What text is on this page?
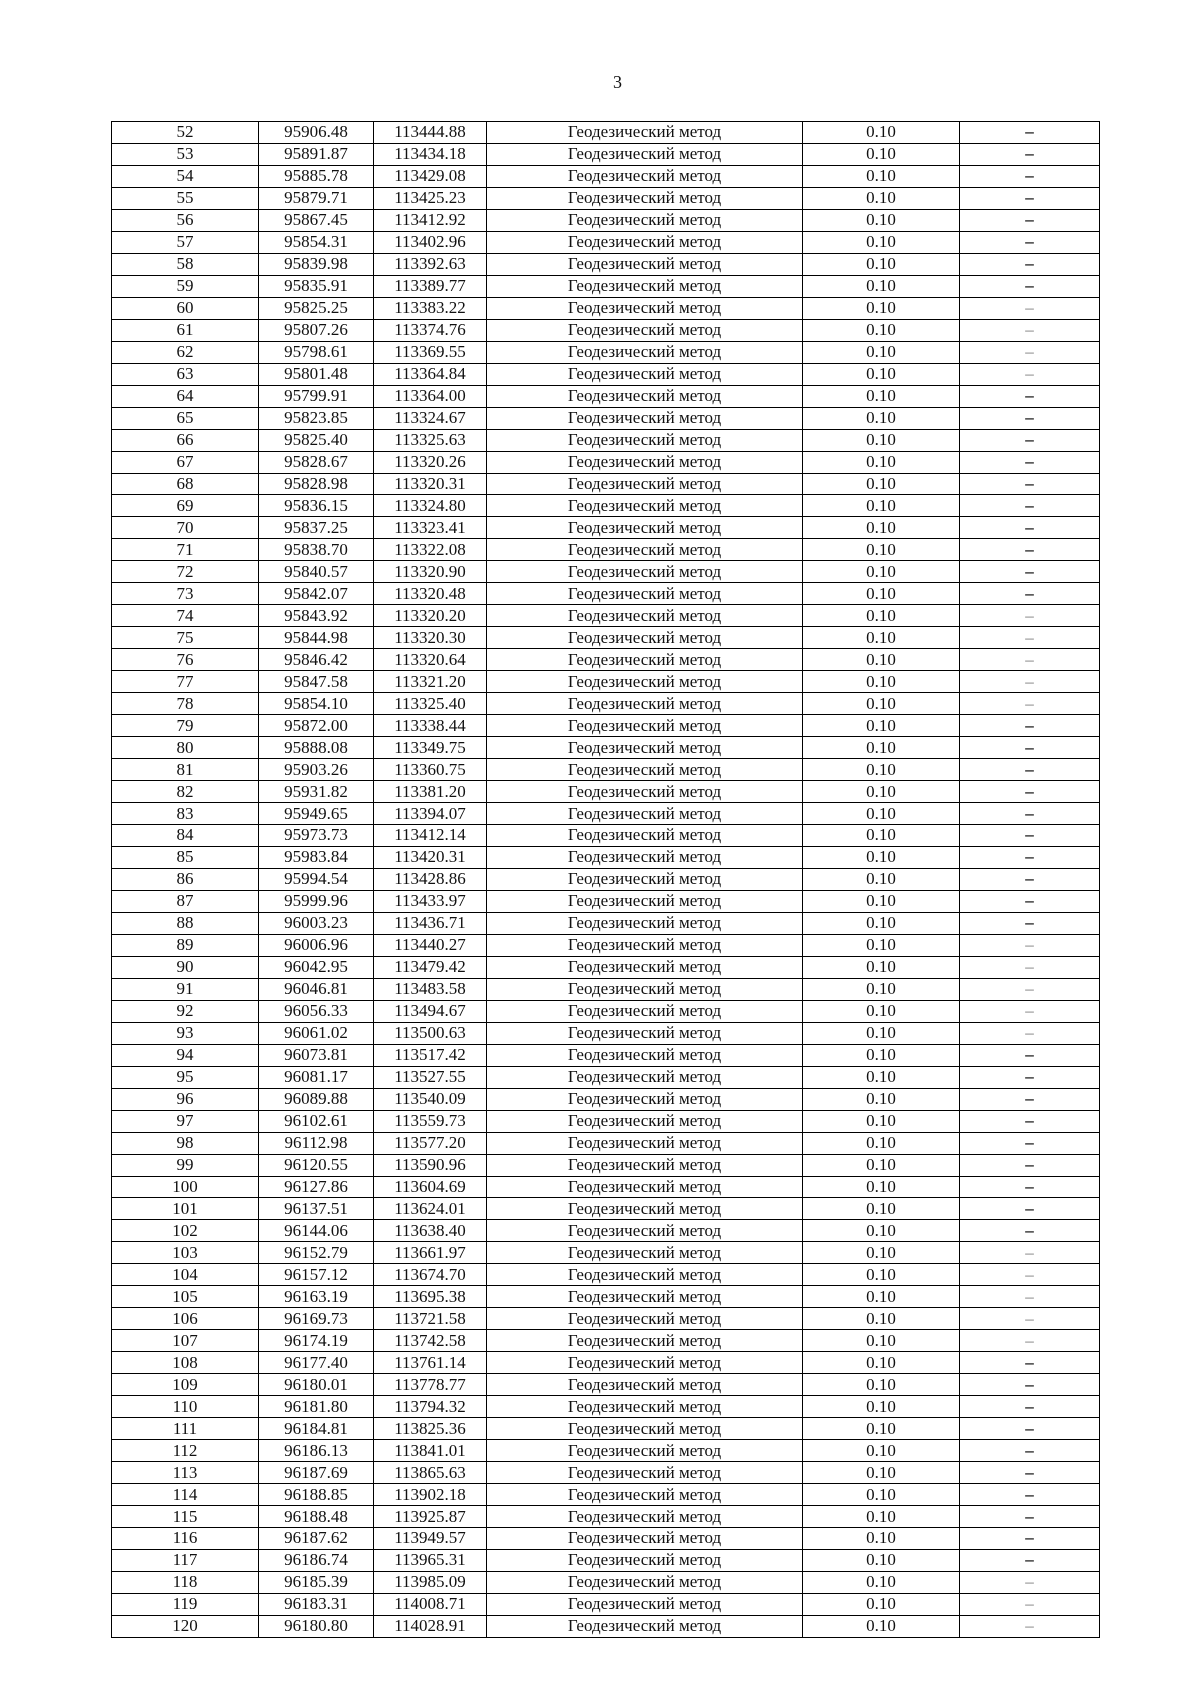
3
52	95906.48	113444.88	Геодезический метод	0.10	–
53	95891.87	113434.18	Геодезический метод	0.10	–
54	95885.78	113429.08	Геодезический метод	0.10	–
55	95879.71	113425.23	Геодезический метод	0.10	–
56	95867.45	113412.92	Геодезический метод	0.10	–
57	95854.31	113402.96	Геодезический метод	0.10	–
58	95839.98	113392.63	Геодезический метод	0.10	–
59	95835.91	113389.77	Геодезический метод	0.10	–
60	95825.25	113383.22	Геодезический метод	0.10	–
61	95807.26	113374.76	Геодезический метод	0.10	–
62	95798.61	113369.55	Геодезический метод	0.10	–
63	95801.48	113364.84	Геодезический метод	0.10	–
64	95799.91	113364.00	Геодезический метод	0.10	–
65	95823.85	113324.67	Геодезический метод	0.10	–
66	95825.40	113325.63	Геодезический метод	0.10	–
67	95828.67	113320.26	Геодезический метод	0.10	–
68	95828.98	113320.31	Геодезический метод	0.10	–
69	95836.15	113324.80	Геодезический метод	0.10	–
70	95837.25	113323.41	Геодезический метод	0.10	–
71	95838.70	113322.08	Геодезический метод	0.10	–
72	95840.57	113320.90	Геодезический метод	0.10	–
73	95842.07	113320.48	Геодезический метод	0.10	–
74	95843.92	113320.20	Геодезический метод	0.10	–
75	95844.98	113320.30	Геодезический метод	0.10	–
76	95846.42	113320.64	Геодезический метод	0.10	–
77	95847.58	113321.20	Геодезический метод	0.10	–
78	95854.10	113325.40	Геодезический метод	0.10	–
79	95872.00	113338.44	Геодезический метод	0.10	–
80	95888.08	113349.75	Геодезический метод	0.10	–
81	95903.26	113360.75	Геодезический метод	0.10	–
82	95931.82	113381.20	Геодезический метод	0.10	–
83	95949.65	113394.07	Геодезический метод	0.10	–
84	95973.73	113412.14	Геодезический метод	0.10	–
85	95983.84	113420.31	Геодезический метод	0.10	–
86	95994.54	113428.86	Геодезический метод	0.10	–
87	95999.96	113433.97	Геодезический метод	0.10	–
88	96003.23	113436.71	Геодезический метод	0.10	–
89	96006.96	113440.27	Геодезический метод	0.10	–
90	96042.95	113479.42	Геодезический метод	0.10	–
91	96046.81	113483.58	Геодезический метод	0.10	–
92	96056.33	113494.67	Геодезический метод	0.10	–
93	96061.02	113500.63	Геодезический метод	0.10	–
94	96073.81	113517.42	Геодезический метод	0.10	–
95	96081.17	113527.55	Геодезический метод	0.10	–
96	96089.88	113540.09	Геодезический метод	0.10	–
97	96102.61	113559.73	Геодезический метод	0.10	–
98	96112.98	113577.20	Геодезический метод	0.10	–
99	96120.55	113590.96	Геодезический метод	0.10	–
100	96127.86	113604.69	Геодезический метод	0.10	–
101	96137.51	113624.01	Геодезический метод	0.10	–
102	96144.06	113638.40	Геодезический метод	0.10	–
103	96152.79	113661.97	Геодезический метод	0.10	–
104	96157.12	113674.70	Геодезический метод	0.10	–
105	96163.19	113695.38	Геодезический метод	0.10	–
106	96169.73	113721.58	Геодезический метод	0.10	–
107	96174.19	113742.58	Геодезический метод	0.10	–
108	96177.40	113761.14	Геодезический метод	0.10	–
109	96180.01	113778.77	Геодезический метод	0.10	–
110	96181.80	113794.32	Геодезический метод	0.10	–
111	96184.81	113825.36	Геодезический метод	0.10	–
112	96186.13	113841.01	Геодезический метод	0.10	–
113	96187.69	113865.63	Геодезический метод	0.10	–
114	96188.85	113902.18	Геодезический метод	0.10	–
115	96188.48	113925.87	Геодезический метод	0.10	–
116	96187.62	113949.57	Геодезический метод	0.10	–
117	96186.74	113965.31	Геодезический метод	0.10	–
118	96185.39	113985.09	Геодезический метод	0.10	–
119	96183.31	114008.71	Геодезический метод	0.10	–
120	96180.80	114028.91	Геодезический метод	0.10	–
